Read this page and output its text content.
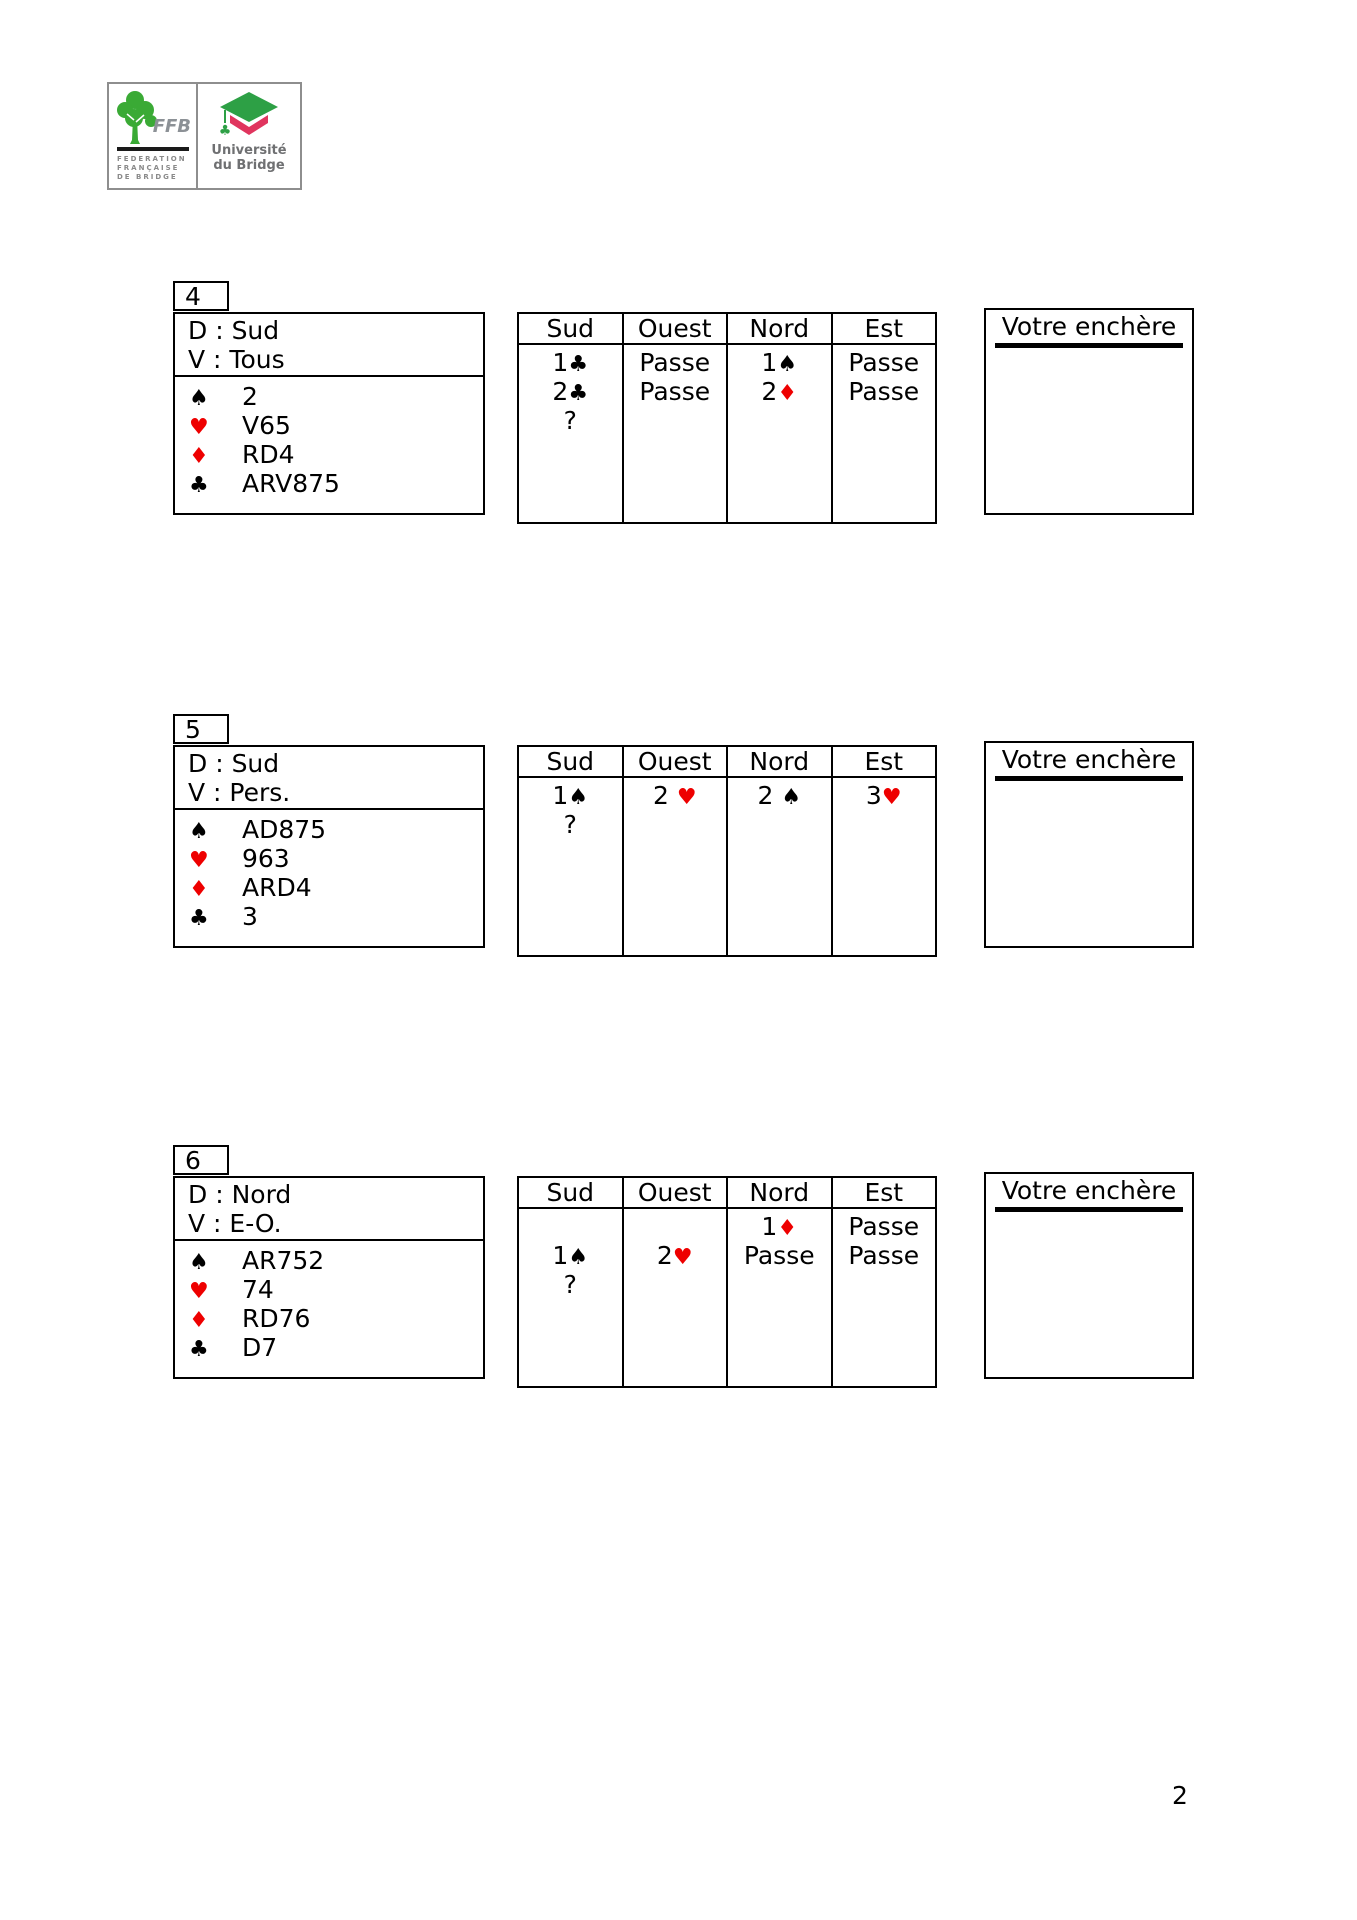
FFB
FEDERATION
FRANÇAISE
DE BRIDGE
♣
Université
du Bridge
4
D : Sud
V : Tous
♠ 2
♥ V65
♦ RD4
♣ ARV875
Sud
1♣
2♣
?
Ouest
Passe
Passe
Nord
1♠
2♦
Est
Passe
Passe
Votre enchère
5
D : Sud
V : Pers.
♠ AD875
♥ 963
♦ ARD4
♣ 3
Sud
1♠
?
Ouest
2 ♥
Nord
2 ♠
Est
3♥
Votre enchère
6
D : Nord
V : E-O.
♠ AR752
♥ 74
♦ RD76
♣ D7
Sud
1♠
?
Ouest
2♥
Nord
1♦
Passe
Est
Passe
Passe
Votre enchère
2
